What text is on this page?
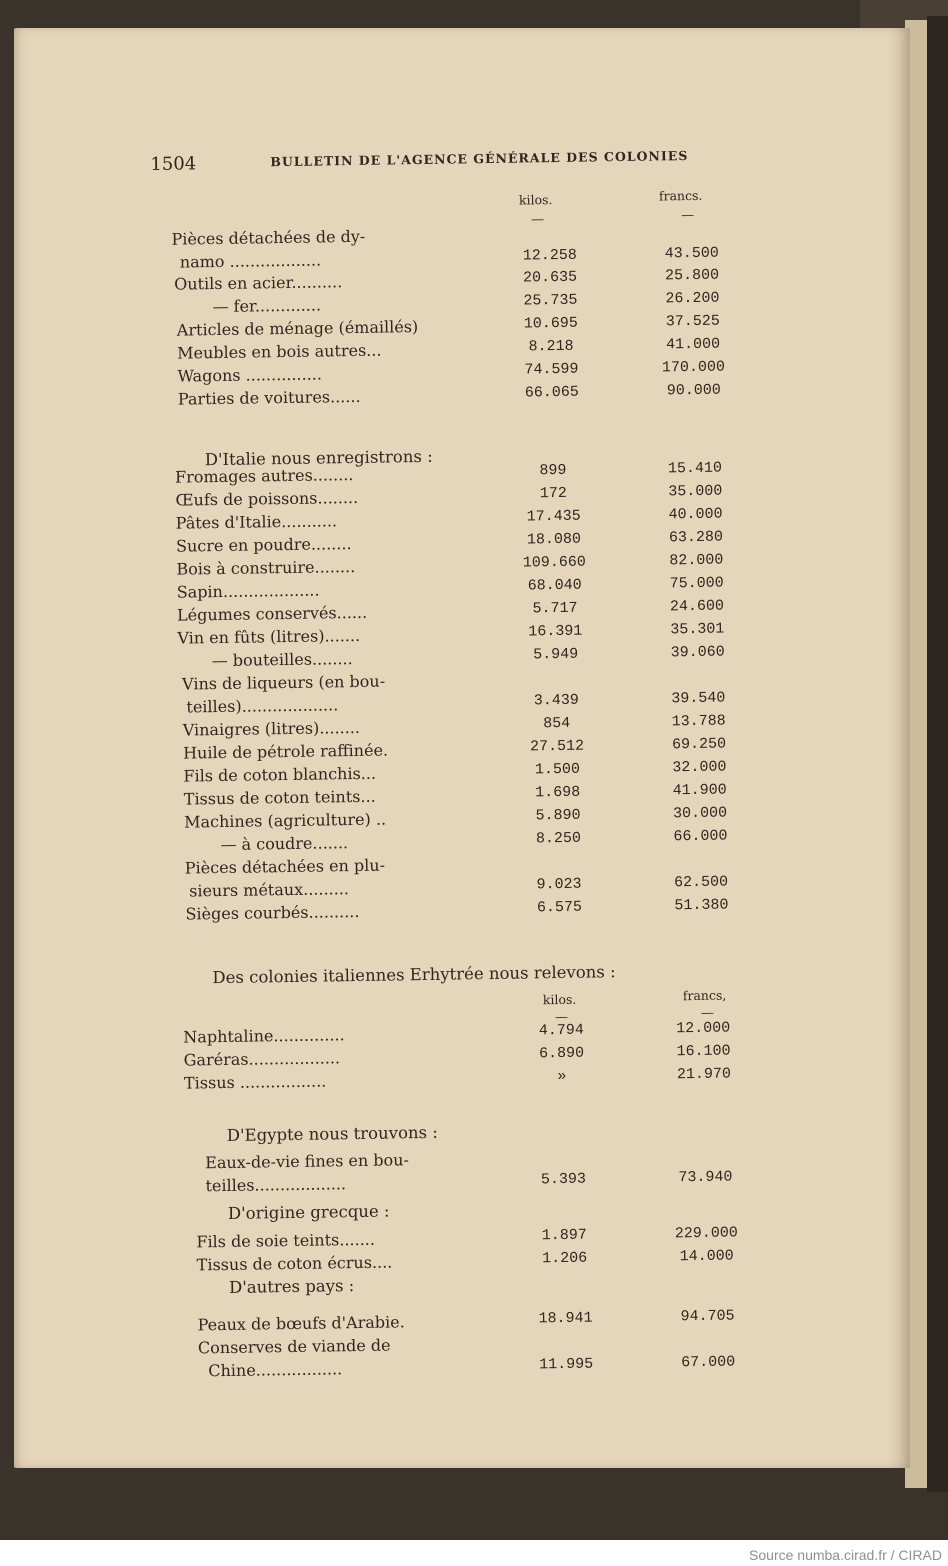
1504	BULLETIN DE L'AGENCE GÉNÉRALE DES COLONIES
kilos.	francs.
—	—
Pièces détachées de dy-
namo ..................	12.258	43.500
Outils en acier..........	20.635	25.800
— fer.............	25.735	26.200
Articles de ménage (émaillés)	10.695	37.525
Meubles en bois autres...	8.218	41.000
Wagons ...............	74.599	170.000
Parties de voitures......	66.065	90.000
Fromages autres........	899	15.410
Œufs de poissons........	172	35.000
Pâtes d'Italie...........	17.435	40.000
Sucre en poudre........	18.080	63.280
Bois à construire........	109.660	82.000
Sapin...................	68.040	75.000
Légumes conservés......	5.717	24.600
Vin en fûts (litres).......	16.391	35.301
— bouteilles........	5.949	39.060
Vins de liqueurs (en bou-
teilles)...................	3.439	39.540
Vinaigres (litres)........	854	13.788
Huile de pétrole raffinée.	27.512	69.250
Fils de coton blanchis...	1.500	32.000
Tissus de coton teints...	1.698	41.900
Machines (agriculture) ..	5.890	30.000
— à coudre.......	8.250	66.000
Pièces détachées en plu-
sieurs métaux.........	9.023	62.500
Sièges courbés..........	6.575	51.380
Naphtaline..............	4.794	12.000
Garéras..................	6.890	16.100
Tissus .................	»	21.970
Eaux-de-vie fines en bou-
teilles..................	5.393	73.940
Fils de soie teints.......	1.897	229.000
Tissus de coton écrus....	1.206	14.000
Peaux de bœufs d'Arabie.	18.941	94.705
Conserves de viande de
Chine.................	11.995	67.000
D'Italie nous enregistrons :
Des colonies italiennes Erhytrée nous relevons :
kilos.	francs,
—	—
D'Egypte nous trouvons :
D'origine grecque :
D'autres pays :
Source numba.cirad.fr / CIRAD
